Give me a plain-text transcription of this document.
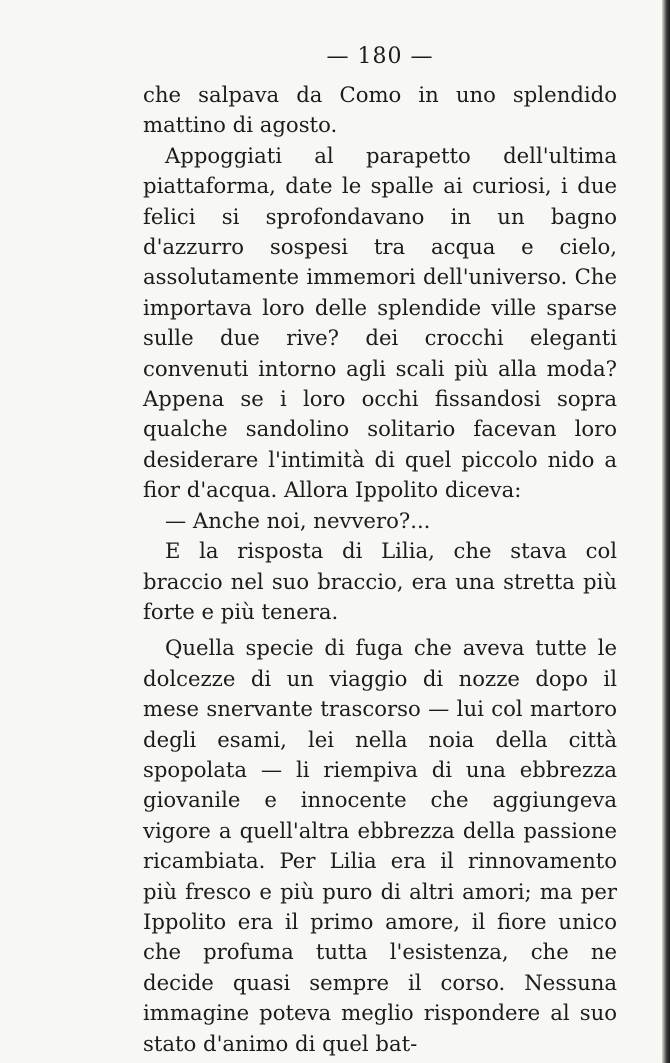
— 180 —

che salpava da Como in uno splendido mattino di agosto.

Appoggiati al parapetto dell'ultima piattaforma, date le spalle ai curiosi, i due felici si sprofondavano in un bagno d'azzurro sospesi tra acqua e cielo, assolutamente immemori dell'universo. Che importava loro delle splendide ville sparse sulle due rive? dei crocchi eleganti convenuti intorno agli scali più alla moda? Appena se i loro occhi fissandosi sopra qualche sandolino solitario facevan loro desiderare l'intimità di quel piccolo nido a fior d'acqua. Allora Ippolito diceva:

— Anche noi, nevvero?...

E la risposta di Lilia, che stava col braccio nel suo braccio, era una stretta più forte e più tenera.

Quella specie di fuga che aveva tutte le dolcezze di un viaggio di nozze dopo il mese snervante trascorso — lui col martoro degli esami, lei nella noia della città spopolata — li riempiva di una ebbrezza giovanile e innocente che aggiungeva vigore a quell'altra ebbrezza della passione ricambiata. Per Lilia era il rinnovamento più fresco e più puro di altri amori; ma per Ippolito era il primo amore, il fiore unico che profuma tutta l'esistenza, che ne decide quasi sempre il corso. Nessuna immagine poteva meglio rispondere al suo stato d'animo di quel bat-
